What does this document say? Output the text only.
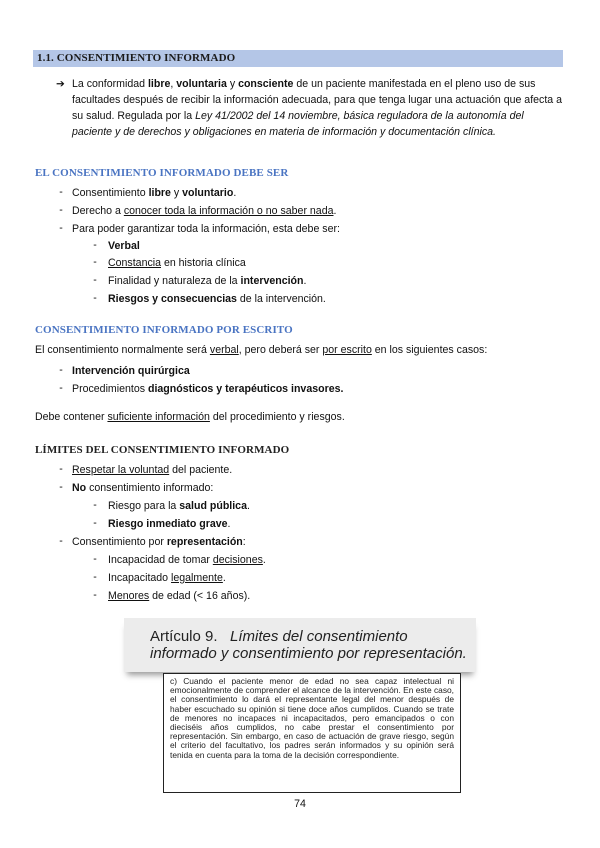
1.1. CONSENTIMIENTO INFORMADO
➔ La conformidad libre, voluntaria y consciente de un paciente manifestada en el pleno uso de sus facultades después de recibir la información adecuada, para que tenga lugar una actuación que afecta a su salud. Regulada por la Ley 41/2002 del 14 noviembre, básica reguladora de la autonomía del paciente y de derechos y obligaciones en materia de información y documentación clínica.
EL CONSENTIMIENTO INFORMADO DEBE SER
- Consentimiento libre y voluntario.
- Derecho a conocer toda la información o no saber nada.
- Para poder garantizar toda la información, esta debe ser:
-	Verbal
-	Constancia en historia clínica
-	Finalidad y naturaleza de la intervención.
-	Riesgos y consecuencias de la intervención.
CONSENTIMIENTO INFORMADO POR ESCRITO
El consentimiento normalmente será verbal, pero deberá ser por escrito en los siguientes casos:
- Intervención quirúrgica
- Procedimientos diagnósticos y terapéuticos invasores.
Debe contener suficiente información del procedimiento y riesgos.
LÍMITES DEL CONSENTIMIENTO INFORMADO
- Respetar la voluntad del paciente.
- No consentimiento informado:
-	Riesgo para la salud pública.
-	Riesgo inmediato grave.
- Consentimiento por representación:
-	Incapacidad de tomar decisiones.
-	Incapacitado legalmente.
-	Menores de edad (< 16 años).
Artículo 9. Límites del consentimiento informado y consentimiento por representación.
c) Cuando el paciente menor de edad no sea capaz intelectual ni emocionalmente de comprender el alcance de la intervención. En este caso, el consentimiento lo dará el representante legal del menor después de haber escuchado su opinión si tiene doce años cumplidos. Cuando se trate de menores no incapaces ni incapacitados, pero emancipados o con dieciséis años cumplidos, no cabe prestar el consentimiento por representación. Sin embargo, en caso de actuación de grave riesgo, según el criterio del facultativo, los padres serán informados y su opinión será tenida en cuenta para la toma de la decisión correspondiente.
74
